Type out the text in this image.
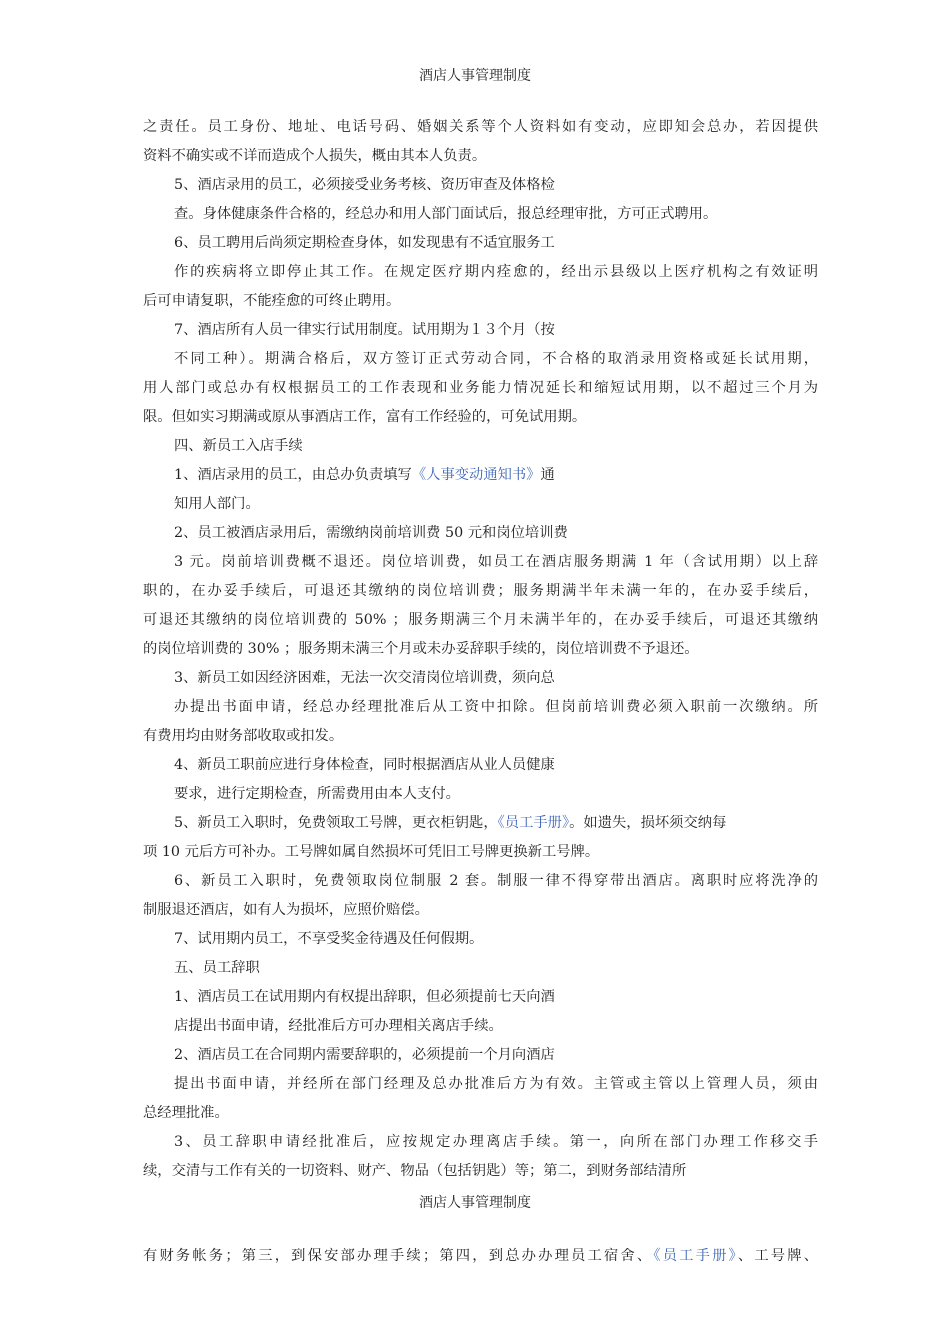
酒店人事管理制度
之责任。员工身份、地址、电话号码、婚姻关系等个人资料如有变动，应即知会总办，若因提供
资料不确实或不详而造成个人损失，概由其本人负责。
5、酒店录用的员工，必须接受业务考核、资历审查及体格检
查。身体健康条件合格的，经总办和用人部门面试后，报总经理审批，方可正式聘用。
6、员工聘用后尚须定期检查身体，如发现患有不适宜服务工
作的疾病将立即停止其工作。在规定医疗期内痊愈的，经出示县级以上医疗机构之有效证明
后可申请复职，不能痊愈的可终止聘用。
7、酒店所有人员一律实行试用制度。试用期为１３个月（按
不同工种）。期满合格后，双方签订正式劳动合同，不合格的取消录用资格或延长试用期，
用人部门或总办有权根据员工的工作表现和业务能力情况延长和缩短试用期，以不超过三个月为
限。但如实习期满或原从事酒店工作，富有工作经验的，可免试用期。
四、新员工入店手续
1、酒店录用的员工，由总办负责填写《人事变动通知书》通
知用人部门。
2、员工被酒店录用后，需缴纳岗前培训费 50 元和岗位培训费
3 元。岗前培训费概不退还。岗位培训费，如员工在酒店服务期满 1 年（含试用期）以上辞
职的，在办妥手续后，可退还其缴纳的岗位培训费；服务期满半年未满一年的，在办妥手续后，
可退还其缴纳的岗位培训费的 50% ；服务期满三个月未满半年的，在办妥手续后，可退还其缴纳
的岗位培训费的 30% ；服务期未满三个月或未办妥辞职手续的，岗位培训费不予退还。
3、新员工如因经济困难，无法一次交清岗位培训费，须向总
办提出书面申请，经总办经理批准后从工资中扣除。但岗前培训费必须入职前一次缴纳。所
有费用均由财务部收取或扣发。
4、新员工职前应进行身体检查，同时根据酒店从业人员健康
要求，进行定期检查，所需费用由本人支付。
5、新员工入职时，免费领取工号牌，更衣柜钥匙，《员工手册》。如遗失，损坏须交纳每
项 10 元后方可补办。工号牌如属自然损坏可凭旧工号牌更换新工号牌。
6、新员工入职时，免费领取岗位制服 2 套。制服一律不得穿带出酒店。离职时应将洗净的
制服退还酒店，如有人为损坏，应照价赔偿。
7、试用期内员工，不享受奖金待遇及任何假期。
五、员工辞职
1、酒店员工在试用期内有权提出辞职，但必须提前七天向酒
店提出书面申请，经批准后方可办理相关离店手续。
2、酒店员工在合同期内需要辞职的，必须提前一个月向酒店
提出书面申请，并经所在部门经理及总办批准后方为有效。主管或主管以上管理人员，须由
总经理批准。
3、员工辞职申请经批准后，应按规定办理离店手续。第一，向所在部门办理工作移交手
续，交清与工作有关的一切资料、财产、物品（包括钥匙）等；第二，到财务部结清所
酒店人事管理制度
有财务帐务；第三，到保安部办理手续；第四，到总办办理员工宿舍、《员工手册》、工号牌、
